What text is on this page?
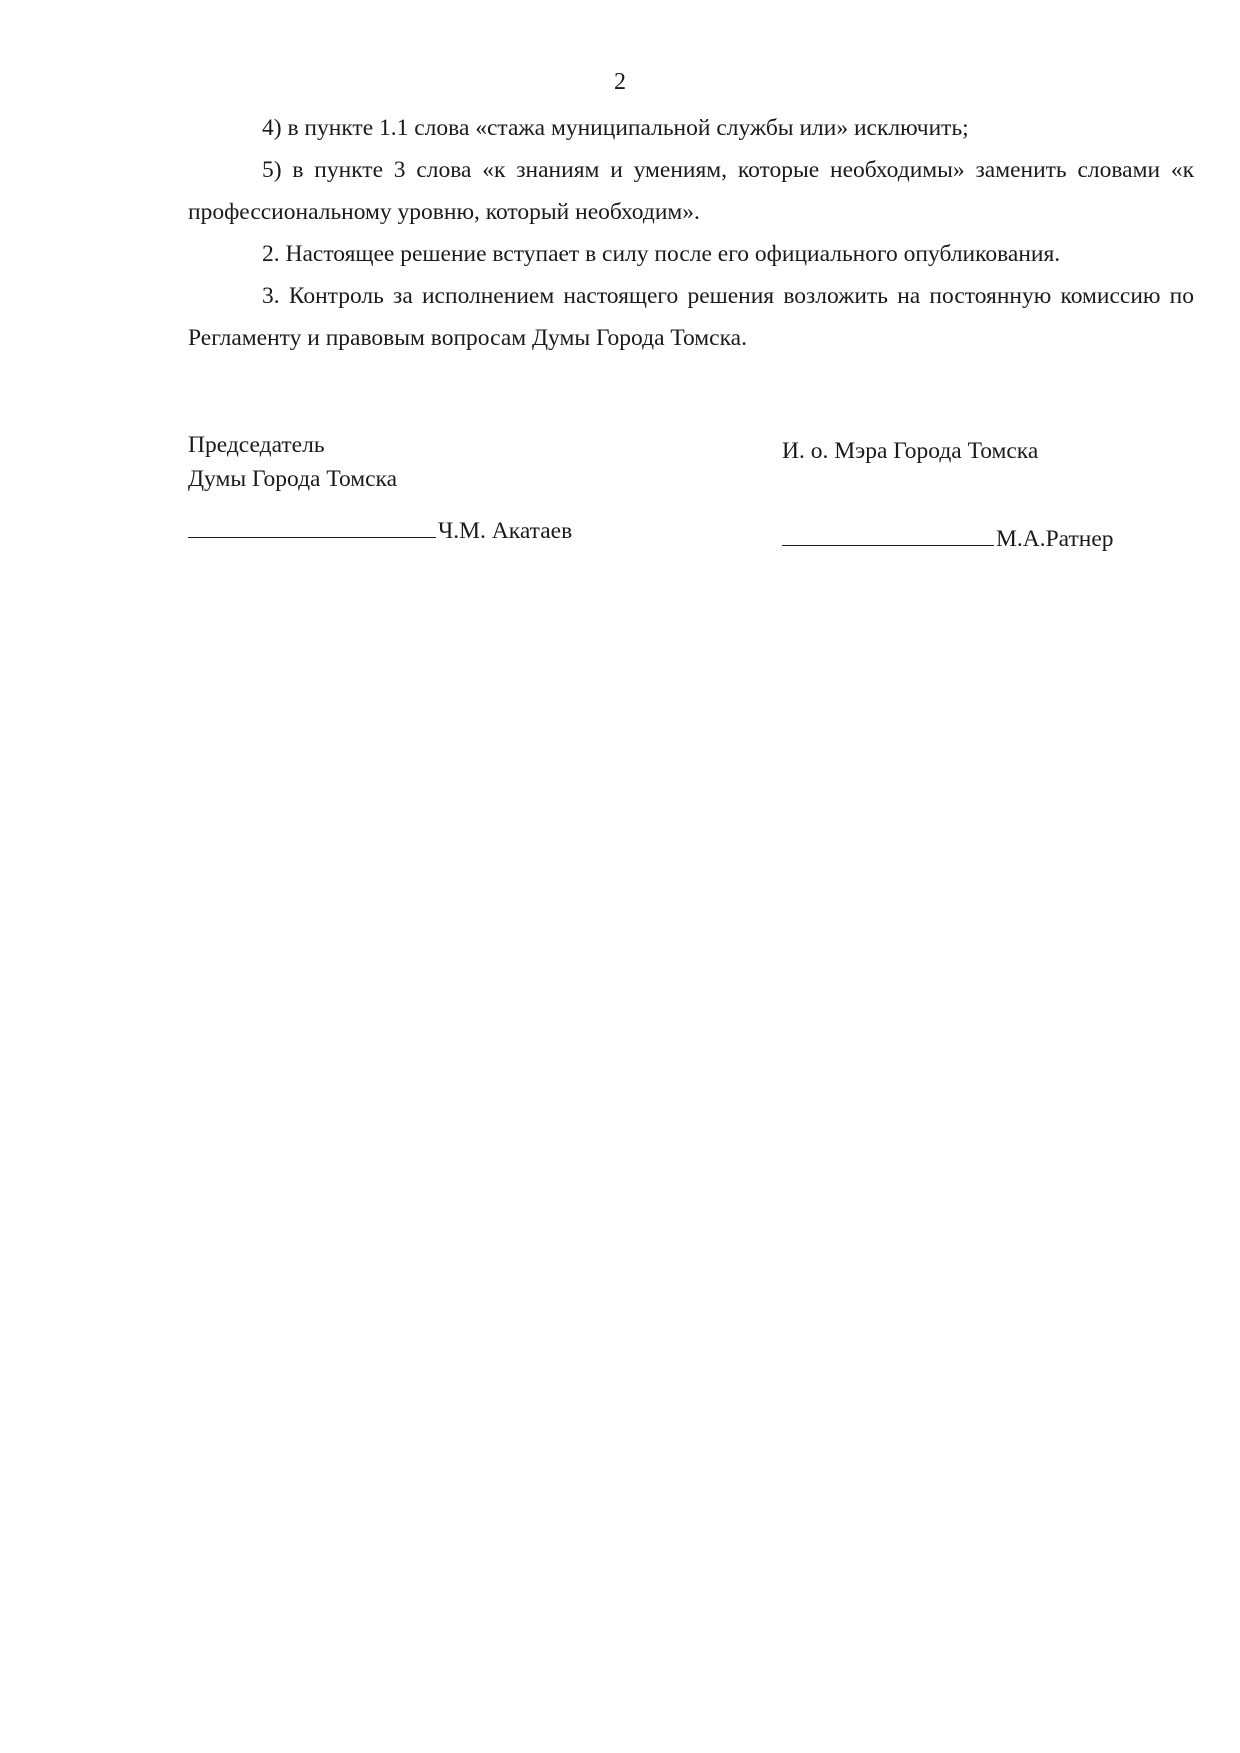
2

4) в пункте 1.1 слова «стажа муниципальной службы или» исключить;

5) в пункте 3 слова «к знаниям и умениям, которые необходимы» заменить словами «к профессиональному уровню, который необходим».

2. Настоящее решение вступает в силу после его официального опубликования.

3. Контроль за исполнением настоящего решения возложить на постоянную комиссию по Регламенту и правовым вопросам Думы Города Томска.

Председатель
Думы Города Томска
Ч.М. Акатаев
И. о. Мэра Города Томска
М.А.Ратнер
